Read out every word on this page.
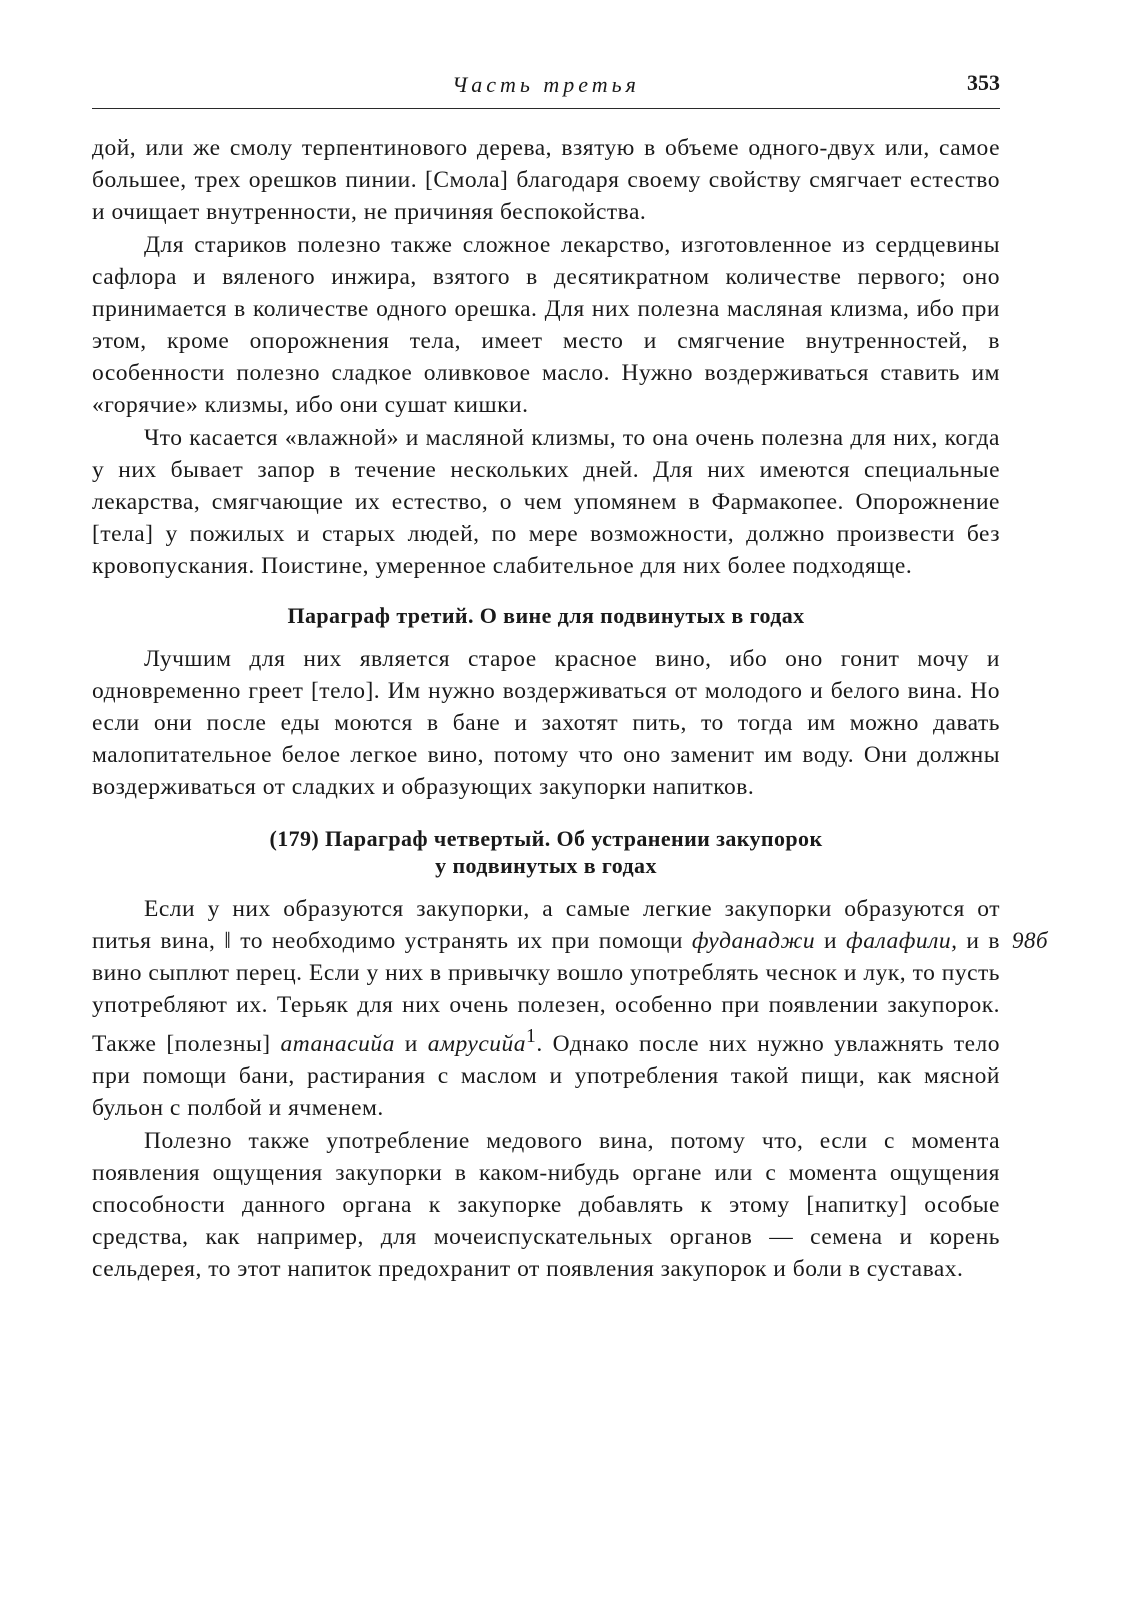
Часть третья	353

дой, или же смолу терпентинового дерева, взятую в объеме одного-двух или, самое большее, трех орешков пинии. [Смола] благодаря своему свойству смягчает естество и очищает внутренности, не причиняя беспокойства.

Для стариков полезно также сложное лекарство, изготовленное из сердцевины сафлора и вяленого инжира, взятого в десятикратном количестве первого; оно принимается в количестве одного орешка. Для них полезна масляная клизма, ибо при этом, кроме опорожнения тела, имеет место и смягчение внутренностей, в особенности полезно сладкое оливковое масло. Нужно воздерживаться ставить им «горячие» клизмы, ибо они сушат кишки.

Что касается «влажной» и масляной клизмы, то она очень полезна для них, когда у них бывает запор в течение нескольких дней. Для них имеются специальные лекарства, смягчающие их естество, о чем упомянем в Фармакопее. Опорожнение [тела] у пожилых и старых людей, по мере возможности, должно произвести без кровопускания. Поистине, умеренное слабительное для них более подходяще.

Параграф третий. О вине для подвинутых в годах

Лучшим для них является старое красное вино, ибо оно гонит мочу и одновременно греет [тело]. Им нужно воздерживаться от молодого и белого вина. Но если они после еды моются в бане и захотят пить, то тогда им можно давать малопитательное белое легкое вино, потому что оно заменит им воду. Они должны воздерживаться от сладких и образующих закупорки напитков.

(179) Параграф четвертый. Об устранении закупорок
у подвинутых в годах

Если у них образуются закупорки, а самые легкие закупорки образуются от питья вина, ‖ то необходимо устранять их при помощи фуданаджи и фалафили, и в вино сыплют перец. Если у них в привычку вошло употреблять чеснок и лук, то пусть употребляют их. Терьяк для них очень полезен, особенно при появлении закупорок. Также [полезны] атанасийа и амрусийа$^1$. Однако после них нужно увлажнять тело при помощи бани, растирания с маслом и употребления такой пищи, как мясной бульон с полбой и ячменем.
98б

Полезно также употребление медового вина, потому что, если с момента появления ощущения закупорки в каком-нибудь органе или с момента ощущения способности данного органа к закупорке добавлять к этому [напитку] особые средства, как например, для мочеиспускательных органов — семена и корень сельдерея, то этот напиток предохранит от появления закупорок и боли в суставах.
